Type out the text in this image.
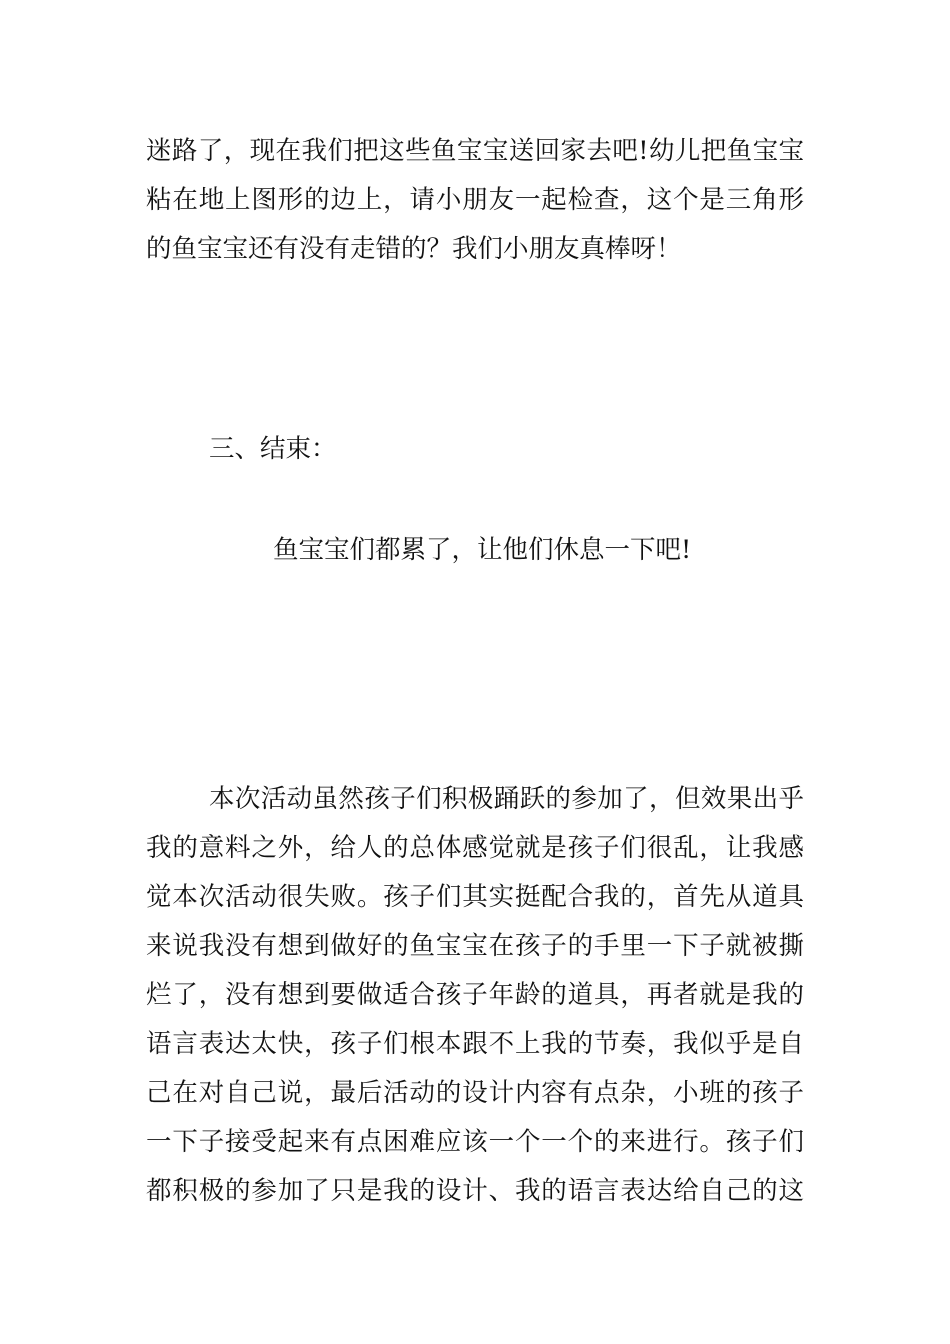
迷路了，现在我们把这些鱼宝宝送回家去吧!幼儿把鱼宝宝
粘在地上图形的边上，请小朋友一起检查，这个是三角形
的鱼宝宝还有没有走错的？我们小朋友真棒呀！
三、结束：
鱼宝宝们都累了，让他们休息一下吧!
本次活动虽然孩子们积极踊跃的参加了，但效果出乎
我的意料之外，给人的总体感觉就是孩子们很乱，让我感
觉本次活动很失败。孩子们其实挺配合我的，首先从道具
来说我没有想到做好的鱼宝宝在孩子的手里一下子就被撕
烂了，没有想到要做适合孩子年龄的道具，再者就是我的
语言表达太快，孩子们根本跟不上我的节奏，我似乎是自
己在对自己说，最后活动的设计内容有点杂，小班的孩子
一下子接受起来有点困难应该一个一个的来进行。孩子们
都积极的参加了只是我的设计、我的语言表达给自己的这
